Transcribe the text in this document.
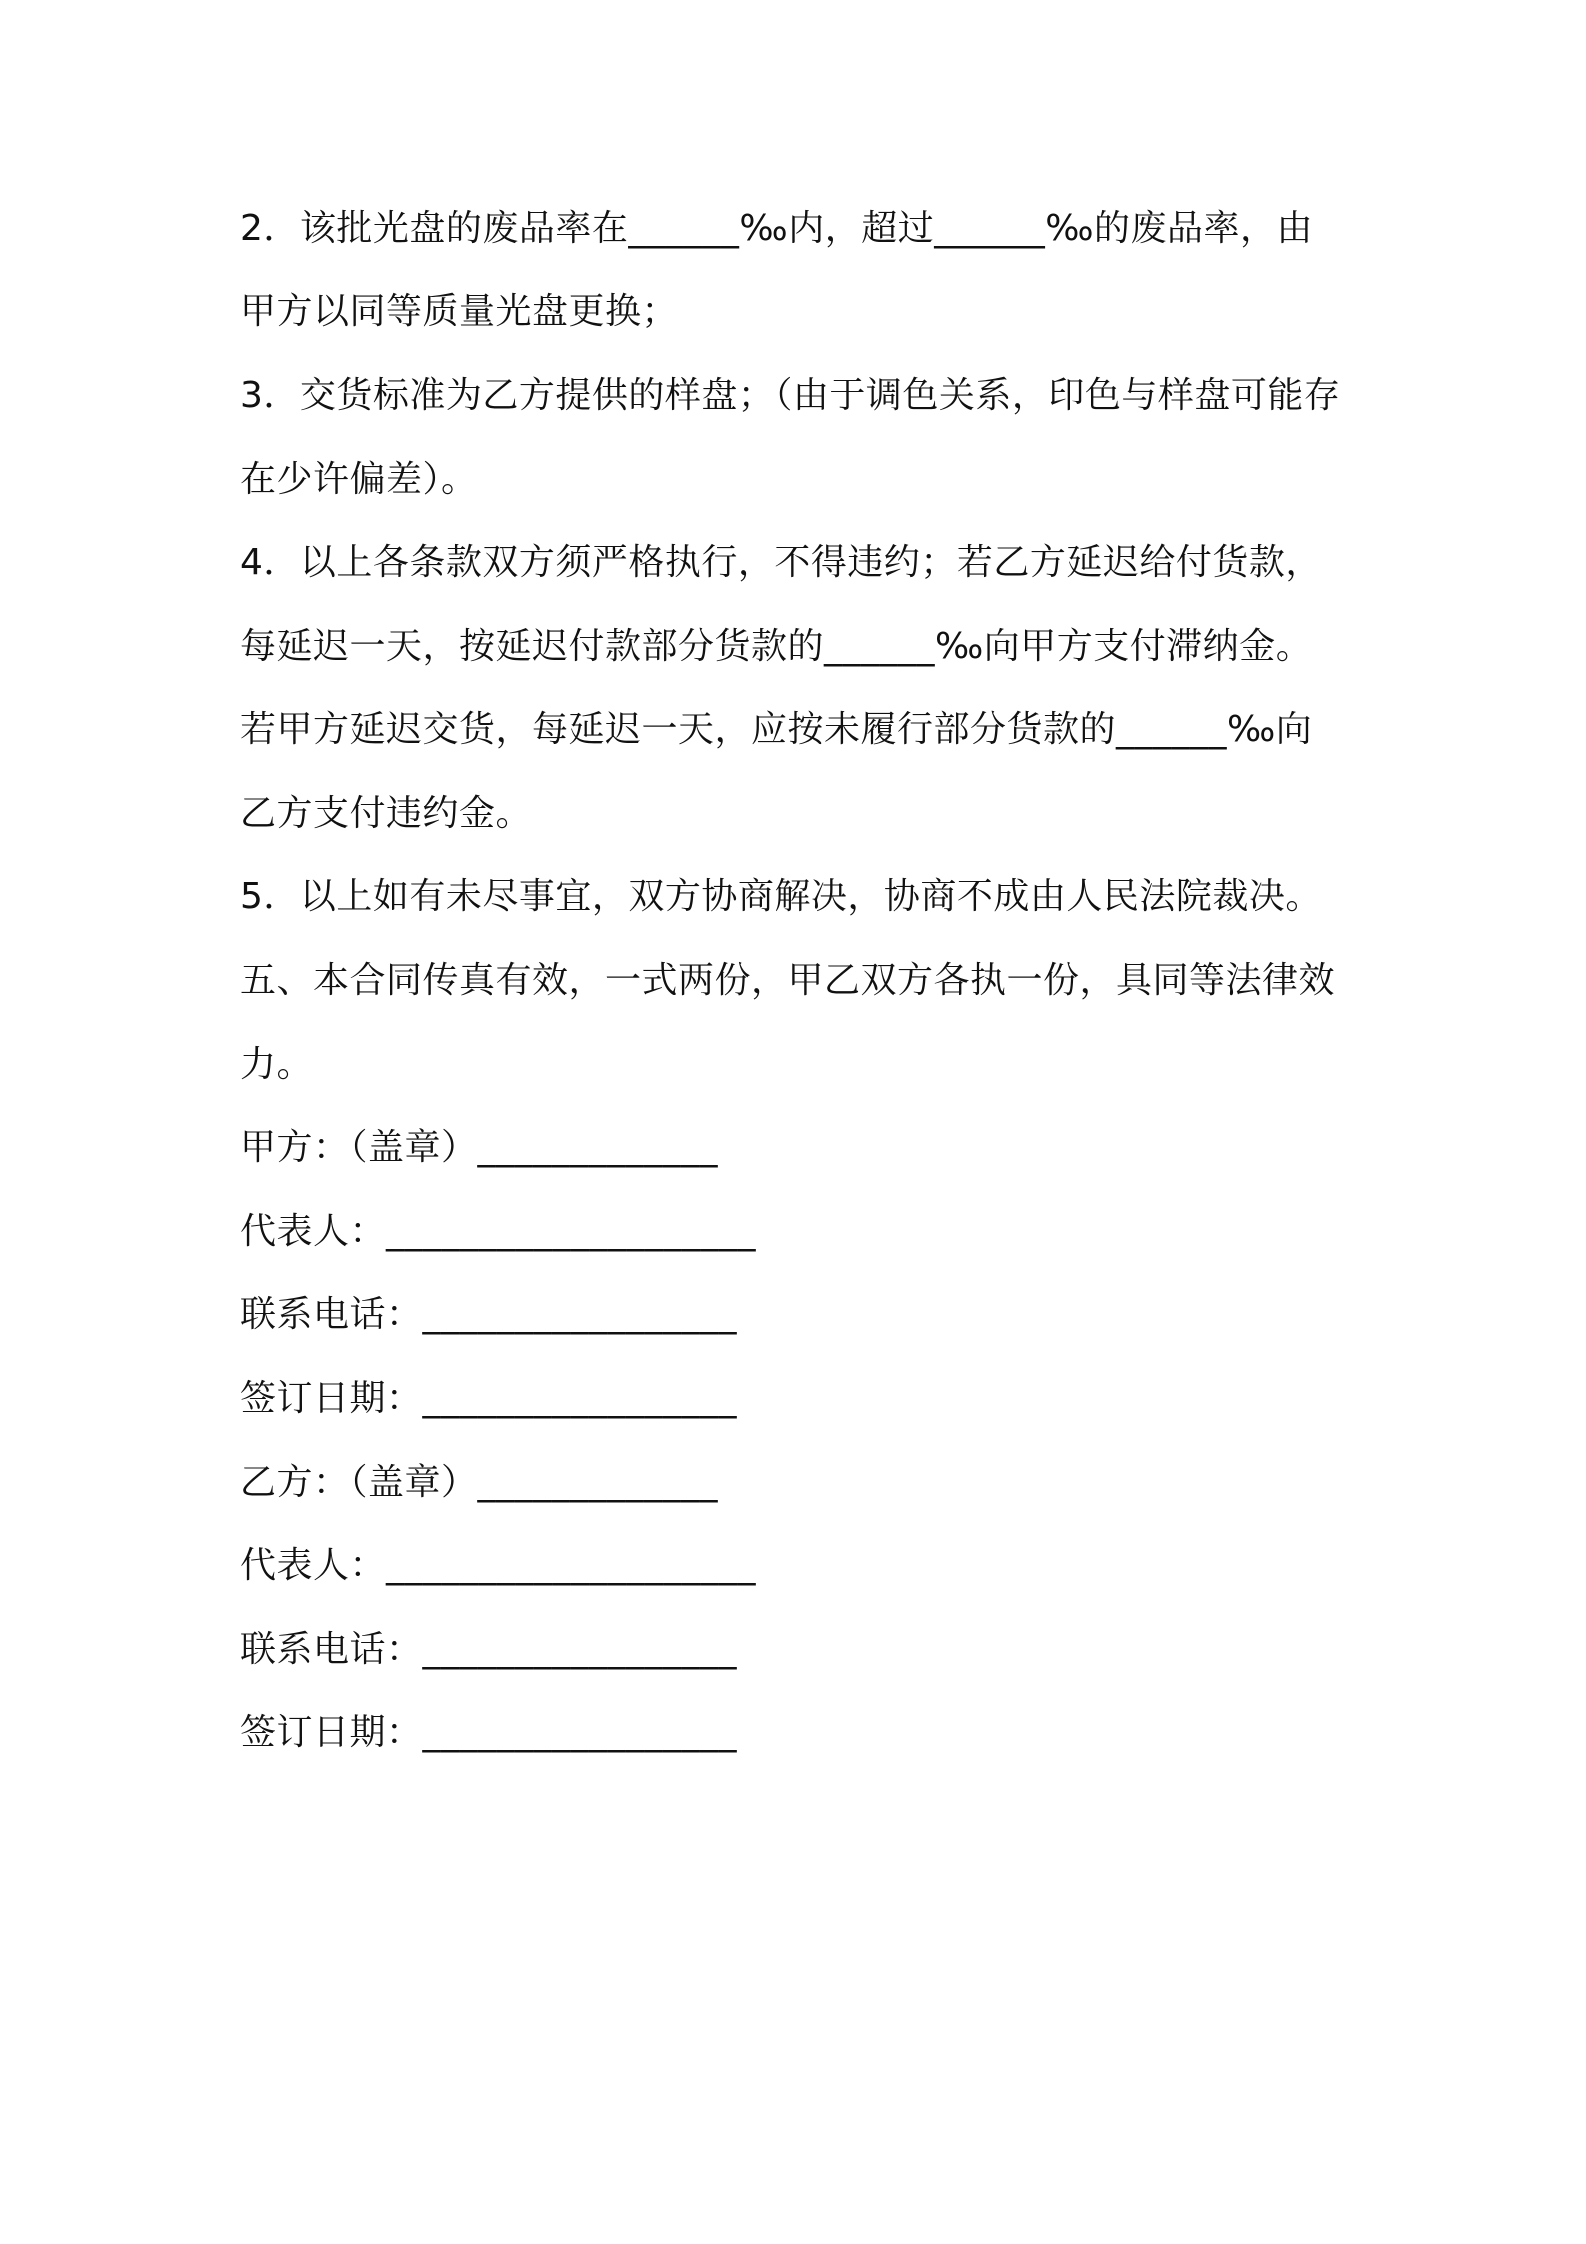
2．该批光盘的废品率在______‰内，超过______‰的废品率，由
甲方以同等质量光盘更换；
3．交货标准为乙方提供的样盘；（由于调色关系，印色与样盘可能存
在少许偏差）。
4．以上各条款双方须严格执行，不得违约；若乙方延迟给付货款，
每延迟一天，按延迟付款部分货款的______‰向甲方支付滞纳金。
若甲方延迟交货，每延迟一天，应按未履行部分货款的______‰向
乙方支付违约金。
5．以上如有未尽事宜，双方协商解决，协商不成由人民法院裁决。
五、本合同传真有效，一式两份，甲乙双方各执一份，具同等法律效
力。
甲方：（盖章）_____________
代表人：____________________
联系电话：_________________
签订日期：_________________
乙方：（盖章）_____________
代表人：____________________
联系电话：_________________
签订日期：_________________
